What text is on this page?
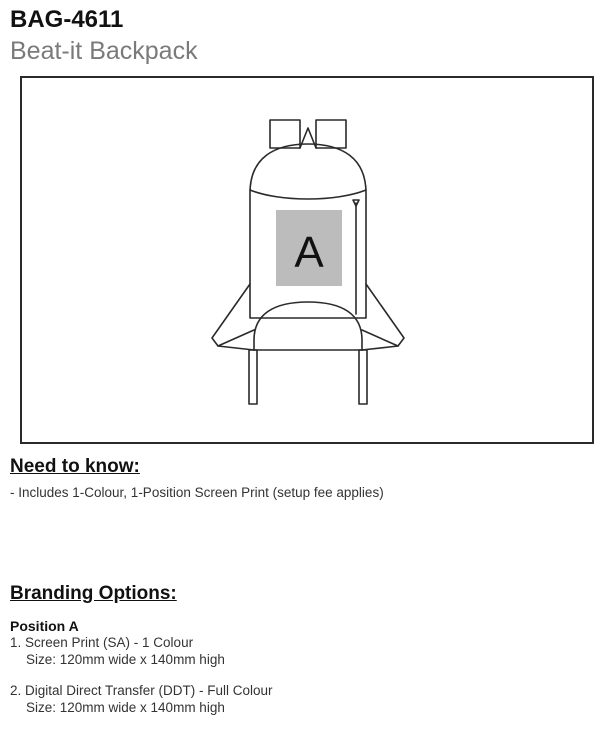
BAG-4611
Beat-it Backpack
A
Need to know:
- Includes 1-Colour, 1-Position Screen Print (setup fee applies)
Branding Options:
Position A
1. Screen Print (SA) - 1 Colour
Size: 120mm wide x 140mm high
2. Digital Direct Transfer (DDT) - Full Colour
Size: 120mm wide x 140mm high
